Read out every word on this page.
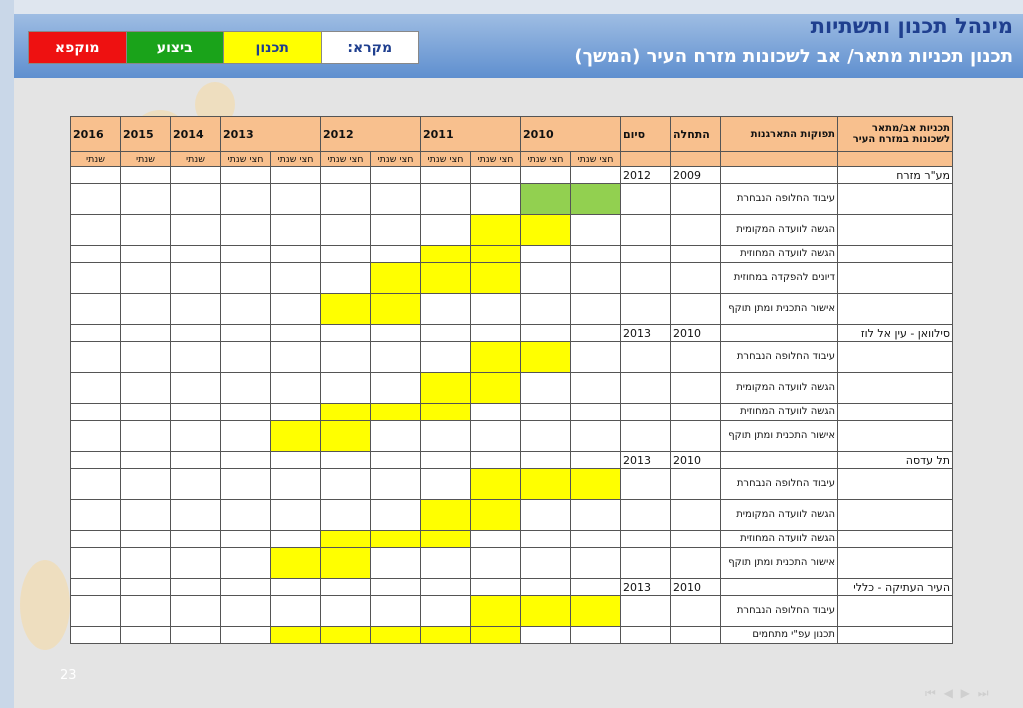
מינהל תכנון ותשתיות
תכנון תכניות מתאר/ אב לשכונות מזרח העיר (המשך)
מקרא:
תכנון
ביצוע
מוקפא
תכניות אב/מתאר לשכונות במזרח העיר	תפוקות התארגנות	התחלה	סיום	2010		2011		2012		2013		2014	2015	2016
				חצי שנתי	חצי שנתי	חצי שנתי	חצי שנתי	חצי שנתי	חצי שנתי	חצי שנתי	חצי שנתי	שנתי	שנתי	שנתי
מע"ר מזרח		2009	2012											
	עיבוד החלופה הנבחרת													
	הגשה לוועדה המקומית													
	הגשה לוועדה המחוזית													
	דיונים להפקדה במחוזית													
	אישור התכנית ומתן תוקף													
סילוואן - עין אל לוז		2010	2013											
	עיבוד החלופה הנבחרת													
	הגשה לוועדה המקומית													
	הגשה לוועדה המחוזית													
	אישור התכנית ומתן תוקף													
תל עדסה		2010	2013											
	עיבוד החלופה הנבחרת													
	הגשה לוועדה המקומית													
	הגשה לוועדה המחוזית													
	אישור התכנית ומתן תוקף													
העיר העתיקה - כללי		2010	2013											
	עיבוד החלופה הנבחרת													
	תכנון עפ"י מתחמים													
23
⏮ ◀ ▶ ⏭
